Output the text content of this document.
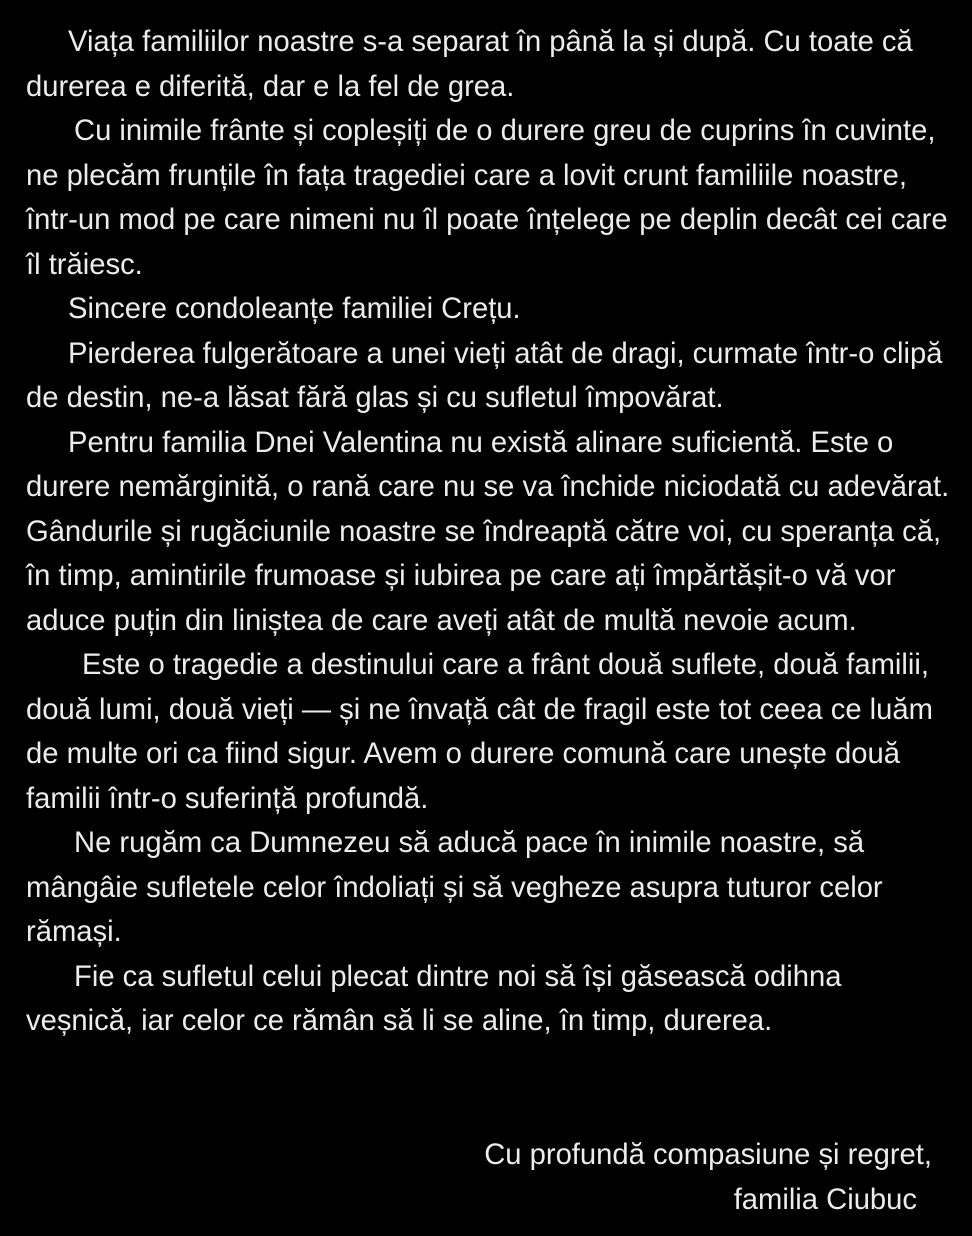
Viața familiilor noastre s-a separat în până la și după. Cu toate că durerea e diferită, dar e la fel de grea.

Cu inimile frânte și copleșiți de o durere greu de cuprins în cuvinte, ne plecăm frunțile în fața tragediei care a lovit crunt familiile noastre, într-un mod pe care nimeni nu îl poate înțelege pe deplin decât cei care îl trăiesc.

Sincere condoleanțe familiei Crețu.

Pierderea fulgerătoare a unei vieți atât de dragi, curmate într-o clipă de destin, ne-a lăsat fără glas și cu sufletul împovărat.

Pentru familia Dnei Valentina nu există alinare suficientă. Este o durere nemărginită, o rană care nu se va închide niciodată cu adevărat. Gândurile și rugăciunile noastre se îndreaptă către voi, cu speranța că, în timp, amintirile frumoase și iubirea pe care ați împărtășit-o vă vor aduce puțin din liniștea de care aveți atât de multă nevoie acum.

Este o tragedie a destinului care a frânt două suflete, două familii, două lumi, două vieți — și ne învață cât de fragil este tot ceea ce luăm de multe ori ca fiind sigur. Avem o durere comună care unește două familii într-o suferință profundă.

Ne rugăm ca Dumnezeu să aducă pace în inimile noastre, să mângâie sufletele celor îndoliați și să vegheze asupra tuturor celor rămași.

Fie ca sufletul celui plecat dintre noi să își găsească odihna veșnică, iar celor ce rămân să li se aline, în timp, durerea.

Cu profundă compasiune și regret,
familia Ciubuc
